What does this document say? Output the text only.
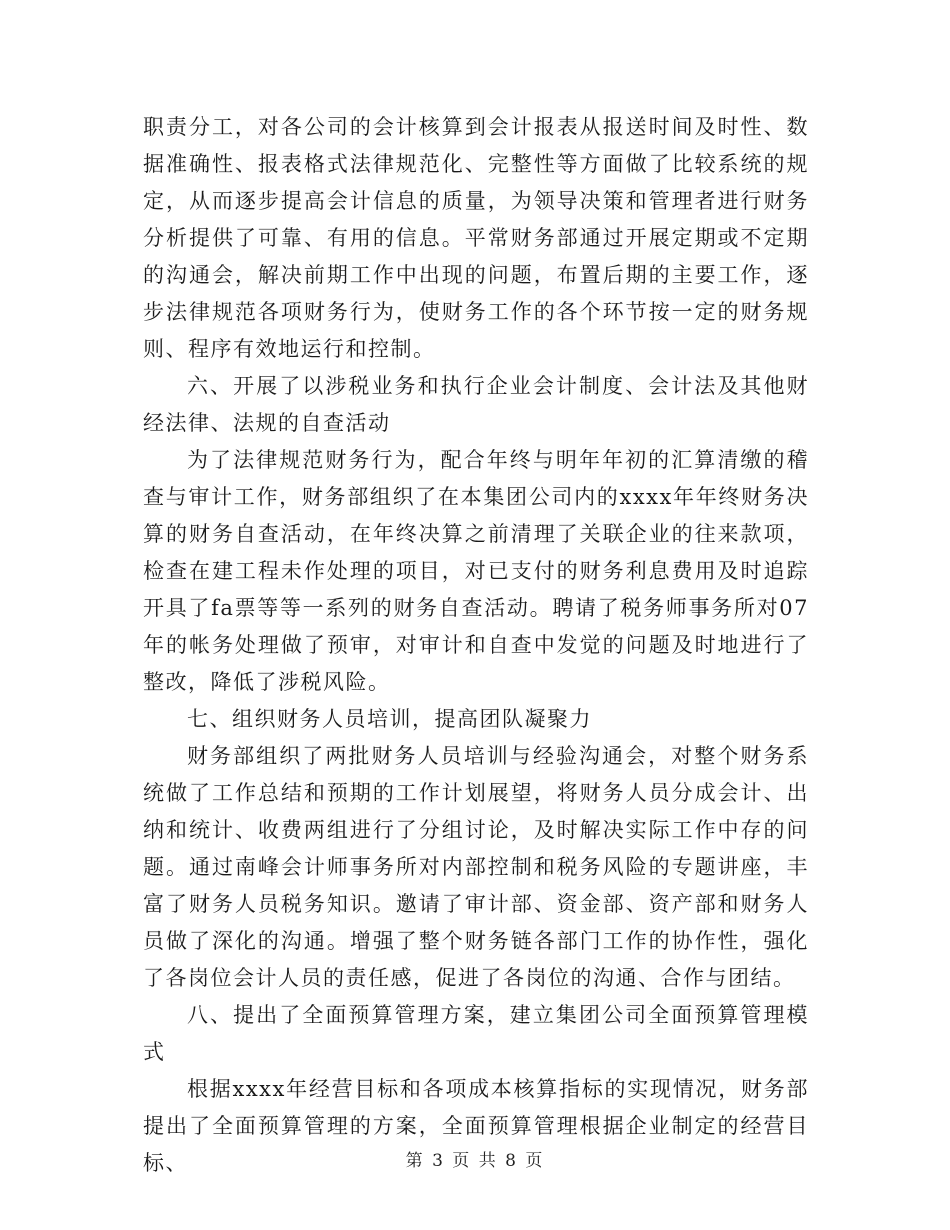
职责分工，对各公司的会计核算到会计报表从报送时间及时性、数据准确性、报表格式法律规范化、完整性等方面做了比较系统的规定，从而逐步提高会计信息的质量，为领导决策和管理者进行财务分析提供了可靠、有用的信息。平常财务部通过开展定期或不定期的沟通会，解决前期工作中出现的问题，布置后期的主要工作，逐步法律规范各项财务行为，使财务工作的各个环节按一定的财务规则、程序有效地运行和控制。

六、开展了以涉税业务和执行企业会计制度、会计法及其他财经法律、法规的自查活动

为了法律规范财务行为，配合年终与明年年初的汇算清缴的稽查与审计工作，财务部组织了在本集团公司内的xxxx年年终财务决算的财务自查活动，在年终决算之前清理了关联企业的往来款项，检查在建工程未作处理的项目，对已支付的财务利息费用及时追踪开具了fa票等等一系列的财务自查活动。聘请了税务师事务所对07年的帐务处理做了预审，对审计和自查中发觉的问题及时地进行了整改，降低了涉税风险。

七、组织财务人员培训，提高团队凝聚力

财务部组织了两批财务人员培训与经验沟通会，对整个财务系统做了工作总结和预期的工作计划展望，将财务人员分成会计、出纳和统计、收费两组进行了分组讨论，及时解决实际工作中存的问题。通过南峰会计师事务所对内部控制和税务风险的专题讲座，丰富了财务人员税务知识。邀请了审计部、资金部、资产部和财务人员做了深化的沟通。增强了整个财务链各部门工作的协作性，强化了各岗位会计人员的责任感，促进了各岗位的沟通、合作与团结。

八、提出了全面预算管理方案，建立集团公司全面预算管理模式

根据xxxx年经营目标和各项成本核算指标的实现情况，财务部提出了全面预算管理的方案，全面预算管理根据企业制定的经营目标、	第 3 页 共 8 页
